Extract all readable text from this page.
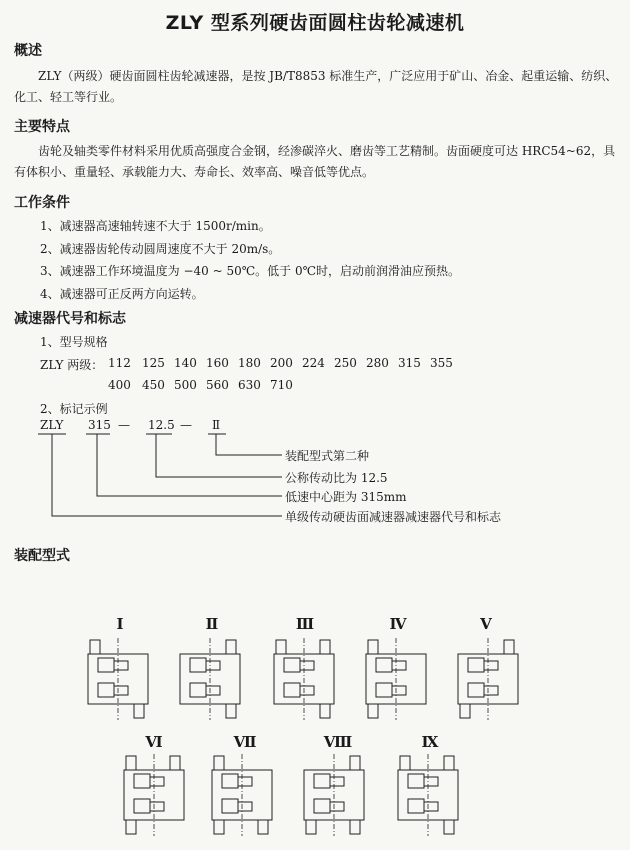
ZLY 型系列硬齿面圆柱齿轮减速机
概述
ZLY（两级）硬齿面圆柱齿轮减速器，是按 JB/T8853 标准生产，广泛应用于矿山、冶金、起重运输、纺织、化工、轻工等行业。
主要特点
齿轮及轴类零件材料采用优质高强度合金钢，经渗碳淬火、磨齿等工艺精制。齿面硬度可达 HRC54~62，具有体积小、重量轻、承载能力大、寿命长、效率高、噪音低等优点。
工作条件
1、减速器高速轴转速不大于 1500r/min。
2、减速器齿轮传动圆周速度不大于 20m/s。
3、减速器工作环境温度为 −40 ~ 50℃。低于 0℃时，启动前润滑油应预热。
4、减速器可正反两方向运转。
减速器代号和标志
1、型号规格
ZLY 两级： 112 125 140 160 180 200 224 250 280 315 355
400 450 500 560 630 710
2、标记示例
ZLY 315 — 12.5 — Ⅱ
装配型式第二种
公称传动比为 12.5
低速中心距为 315mm
单级传动硬齿面减速器减速器代号和标志
装配型式
Ⅰ	Ⅱ	Ⅲ	Ⅳ	Ⅴ
Ⅵ	Ⅶ	Ⅷ	Ⅸ
